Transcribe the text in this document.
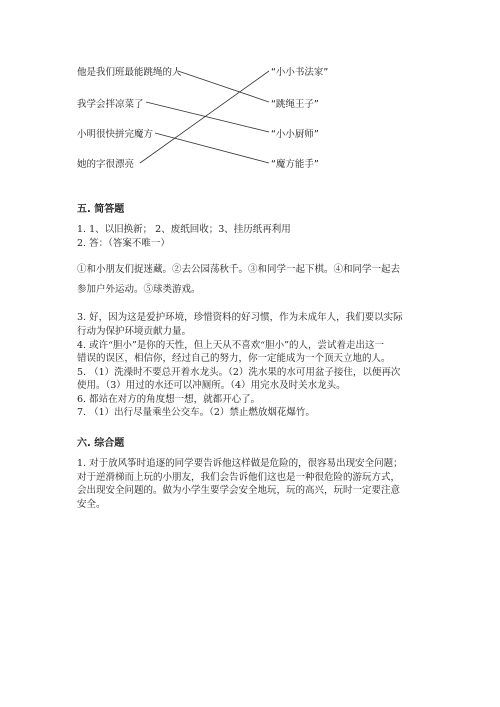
他是我们班最能跳绳的人
我学会拌凉菜了
小明很快拼完魔方
她的字很漂亮
“小小书法家”
“跳绳王子”
“小小厨师”
“魔方能手”
五. 简答题
1. 1、以旧换新； 2、废纸回收；3、挂历纸再利用
2. 答：（答案不唯一）
①和小朋友们捉迷藏。②去公园荡秋千。③和同学一起下棋。④和同学一起去
参加户外运动。⑤球类游戏。
3. 好，因为这是爱护环境，珍惜资料的好习惯，作为未成年人，我们要以实际
行动为保护环境贡献力量。
4. 或许“胆小”是你的天性，但上天从不喜欢“胆小”的人，尝试着走出这一
错误的误区，相信你，经过自己的努力，你一定能成为一个顶天立地的人。
5. （1）洗澡时不要总开着水龙头。（2）洗水果的水可用盆子接住，以便再次
使用。（3）用过的水还可以冲厕所。（4）用完水及时关水龙头。
6. 都站在对方的角度想一想，就都开心了。
7. （1）出行尽量乘坐公交车。（2）禁止燃放烟花爆竹。
六. 综合题
1. 对于放风筝时追逐的同学要告诉他这样做是危险的，很容易出现安全问题；
对于逆滑梯而上玩的小朋友，我们会告诉他们这也是一种很危险的游玩方式，
会出现安全问题的。做为小学生要学会安全地玩，玩的高兴，玩时一定要注意
安全。
